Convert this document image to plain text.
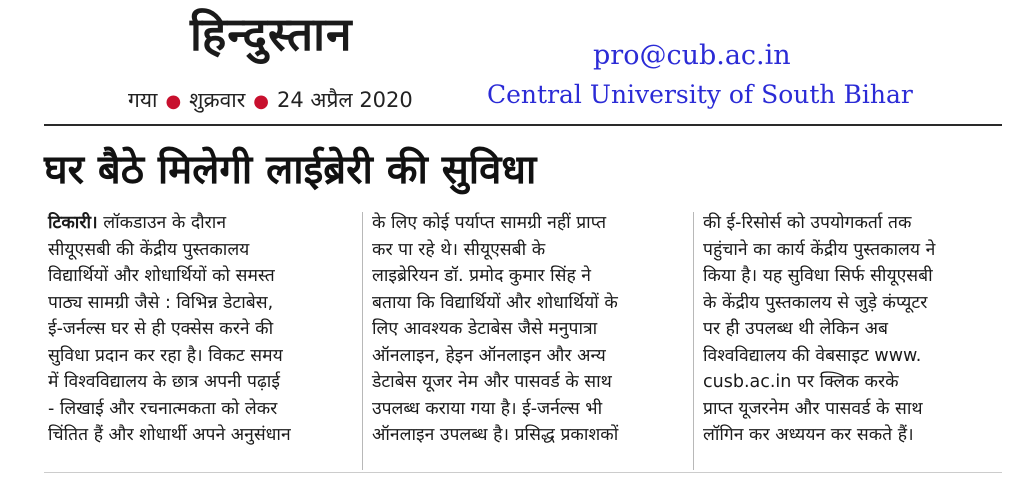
हिन्दुस्तान
गया ● शुक्रवार ● 24 अप्रैल 2020
pro@cub.ac.in
Central University of South Bihar
घर बैठे मिलेगी लाईब्रेरी की सुविधा
टिकारी। लॉकडाउन के दौरान
सीयूएसबी की केंद्रीय पुस्तकालय
विद्यार्थियों और शोधार्थियों को समस्त
पाठ्य सामग्री जैसे : विभिन्न डेटाबेस,
ई-जर्नल्स घर से ही एक्सेस करने की
सुविधा प्रदान कर रहा है। विकट समय
में विश्वविद्यालय के छात्र अपनी पढ़ाई
- लिखाई और रचनात्मकता को लेकर
चिंतित हैं और शोधार्थी अपने अनुसंधान
के लिए कोई पर्याप्त सामग्री नहीं प्राप्त
कर पा रहे थे। सीयूएसबी के
लाइब्रेरियन डॉ. प्रमोद कुमार सिंह ने
बताया कि विद्यार्थियों और शोधार्थियों के
लिए आवश्यक डेटाबेस जैसे मनुपात्रा
ऑनलाइन, हेइन ऑनलाइन और अन्य
डेटाबेस यूजर नेम और पासवर्ड के साथ
उपलब्ध कराया गया है। ई-जर्नल्स भी
ऑनलाइन उपलब्ध है। प्रसिद्ध प्रकाशकों
की ई-रिसोर्स को उपयोगकर्ता तक
पहुंचाने का कार्य केंद्रीय पुस्तकालय ने
किया है। यह सुविधा सिर्फ सीयूएसबी
के केंद्रीय पुस्तकालय से जुड़े कंप्यूटर
पर ही उपलब्ध थी लेकिन अब
विश्वविद्यालय की वेबसाइट www.
cusb.ac.in पर क्लिक करके
प्राप्त यूजरनेम और पासवर्ड के साथ
लॉगिन कर अध्ययन कर सकते हैं।
